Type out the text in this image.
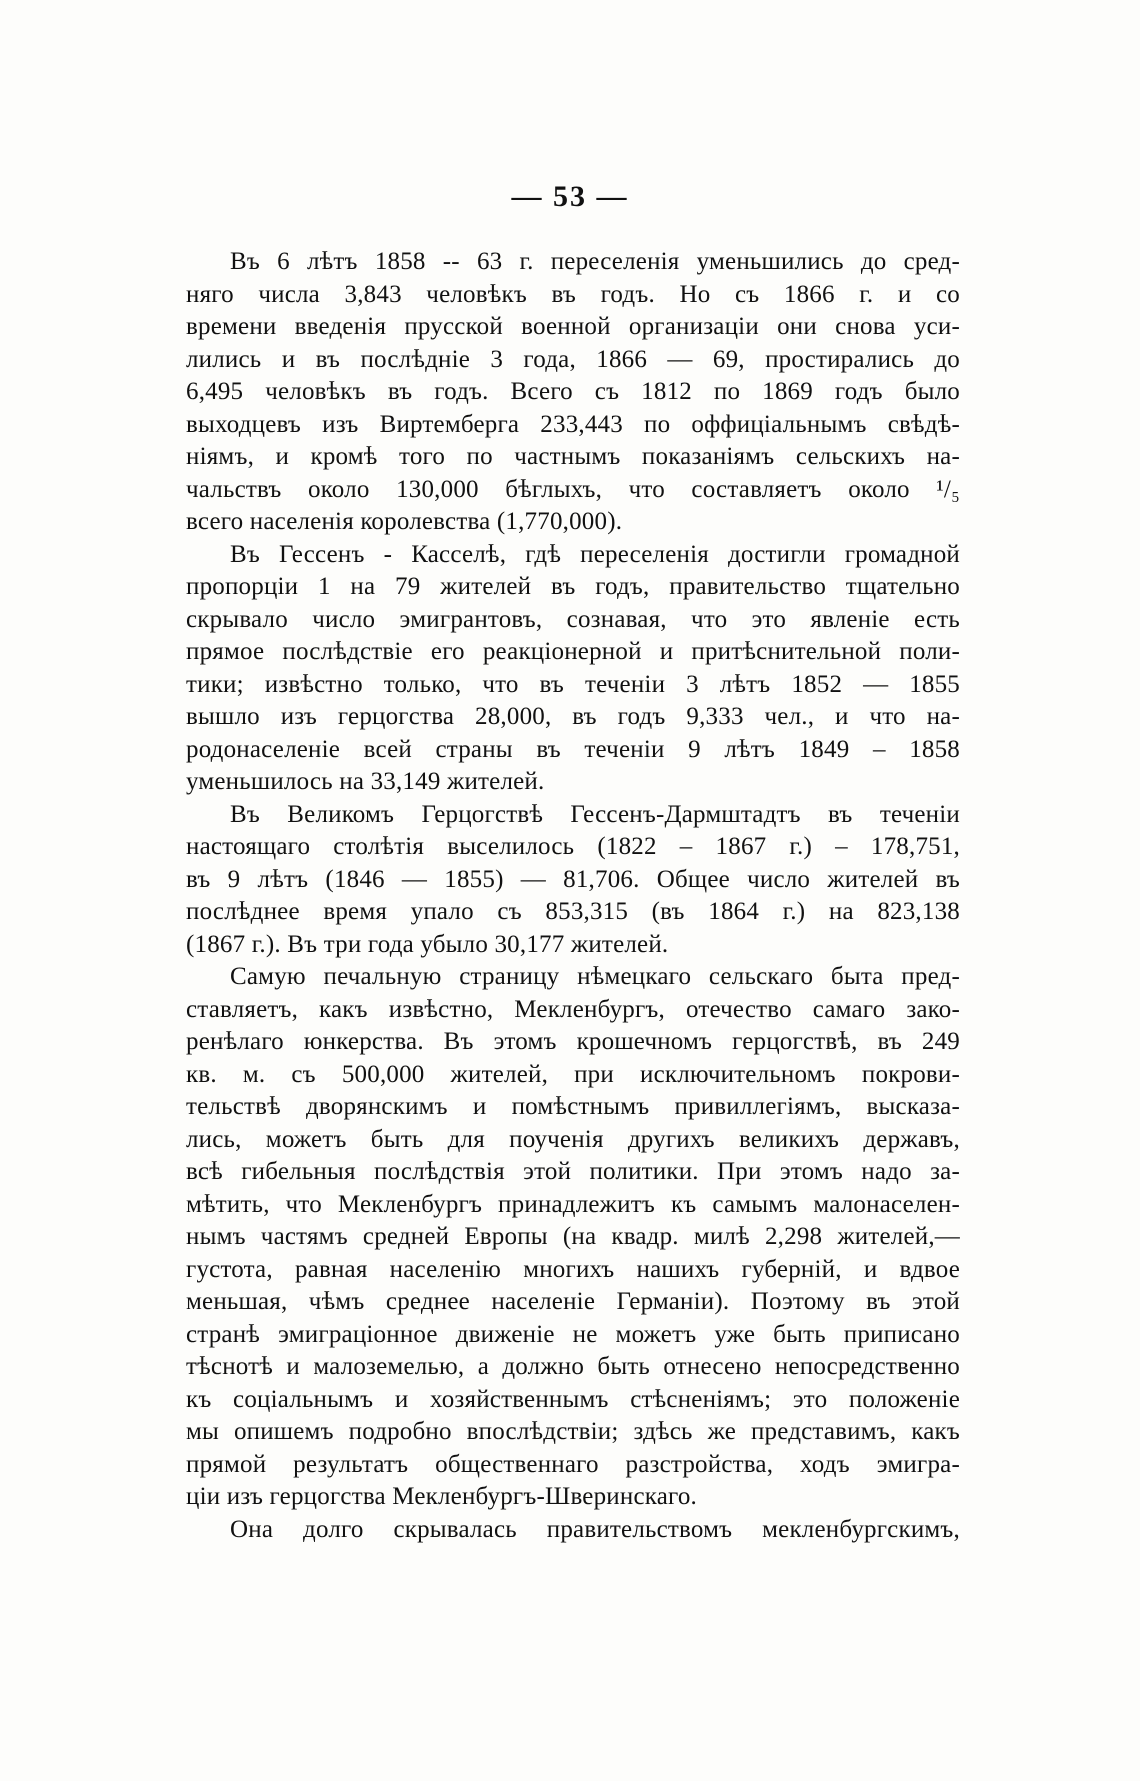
— 53 —
Въ 6 лѣтъ 1858 -- 63 г. переселенія уменьшились до сред-
няго числа 3,843 человѣкъ въ годъ. Но съ 1866 г. и со
времени введенія прусской военной организаціи они снова уси-
лились и въ послѣдніе 3 года, 1866 — 69, простирались до
6,495 человѣкъ въ годъ. Всего съ 1812 по 1869 годъ было
выходцевъ изъ Виртемберга 233,443 по оффиціальнымъ свѣдѣ-
ніямъ, и кромѣ того по частнымъ показаніямъ сельскихъ на-
чальствъ около 130,000 бѣглыхъ, что составляетъ около ¹/₅
всего населенія королевства (1,770,000).
Въ Гессенъ - Касселѣ, гдѣ переселенія достигли громадной
пропорціи 1 на 79 жителей въ годъ, правительство тщательно
скрывало число эмигрантовъ, сознавая, что это явленіе есть
прямое послѣдствіе его реакціонерной и притѣснительной поли-
тики; извѣстно только, что въ теченіи 3 лѣтъ 1852 — 1855
вышло изъ герцогства 28,000, въ годъ 9,333 чел., и что на-
родонаселеніе всей страны въ теченіи 9 лѣтъ 1849 – 1858
уменьшилось на 33,149 жителей.
Въ Великомъ Герцогствѣ Гессенъ-Дармштадтъ въ теченіи
настоящаго столѣтія выселилось (1822 – 1867 г.) – 178,751,
въ 9 лѣтъ (1846 — 1855) — 81,706. Общее число жителей въ
послѣднее время упало съ 853,315 (въ 1864 г.) на 823,138
(1867 г.). Въ три года убыло 30,177 жителей.
Самую печальную страницу нѣмецкаго сельскаго быта пред-
ставляетъ, какъ извѣстно, Мекленбургъ, отечество самаго зако-
ренѣлаго юнкерства. Въ этомъ крошечномъ герцогствѣ, въ 249
кв. м. съ 500,000 жителей, при исключительномъ покрови-
тельствѣ дворянскимъ и помѣстнымъ привиллегіямъ, высказа-
лись, можетъ быть для поученія другихъ великихъ державъ,
всѣ гибельныя послѣдствія этой политики. При этомъ надо за-
мѣтить, что Мекленбургъ принадлежитъ къ самымъ малонаселен-
нымъ частямъ средней Европы (на квадр. милѣ 2,298 жителей,—
густота, равная населенію многихъ нашихъ губерній, и вдвое
меньшая, чѣмъ среднее населеніе Германіи). Поэтому въ этой
странѣ эмиграціонное движеніе не можетъ уже быть приписано
тѣснотѣ и малоземелью, а должно быть отнесено непосредственно
къ соціальнымъ и хозяйственнымъ стѣсненіямъ; это положеніе
мы опишемъ подробно впослѣдствіи; здѣсь же представимъ, какъ
прямой результатъ общественнаго разстройства, ходъ эмигра-
ціи изъ герцогства Мекленбургъ-Шверинскаго.
Она долго скрывалась правительствомъ мекленбургскимъ,
